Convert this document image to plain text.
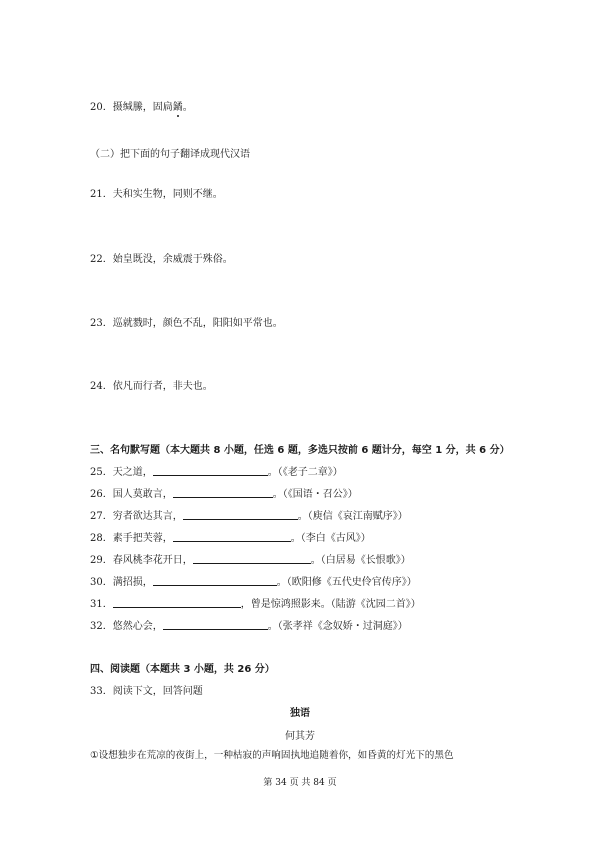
20．摄缄縢，固扃鐍。
（二）把下面的句子翻译成现代汉语
21．夫和实生物，同则不继。
22．始皇既没，余威震于殊俗。
23．巡就戮时，颜色不乱，阳阳如平常也。
24．依凡而行者，非夫也。
三、名句默写题（本大题共 8 小题，任选 6 题，多选只按前 6 题计分，每空 1 分，共 6 分）
25．天之道，	。（《老子二章》）
26．国人莫敢言，	。（《国语・召公》）
27．穷者欲达其言，	。（庾信《哀江南赋序》）
28．素手把芙蓉，	。（李白《古风》）
29．春风桃李花开日，	。（白居易《长恨歌》）
30．满招损，	。（欧阳修《五代史伶官传序》）
31．	，曾是惊鸿照影来。（陆游《沈园二首》）
32．悠然心会，	。（张孝祥《念奴娇・过洞庭》）
四、阅读题（本题共 3 小题，共 26 分）
33．阅读下文，回答问题
独语
何其芳
①设想独步在荒凉的夜街上，一种枯寂的声响固执地追随着你，如昏黄的灯光下的黑色
第 34 页 共 84 页
